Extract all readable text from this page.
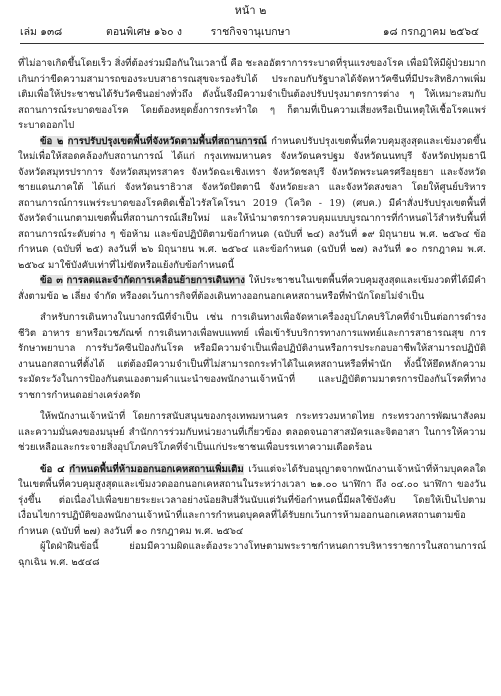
หน้า ๒
เล่ม ๑๓๘	ตอนพิเศษ ๑๖๐ ง	ราชกิจจานุเบกษา	๑๘ กรกฎาคม ๒๕๖๔

ที่ไม่อาจเกิดขึ้นโดยเร็ว สิ่งที่ต้องร่วมมือกันในเวลานี้ คือ ชะลออัตราการระบาดที่รุนแรงของโรค เพื่อมิให้มีผู้ป่วยมากเกินกว่าขีดความสามารถของระบบสาธารณสุขจะรองรับได้ ประกอบกับรัฐบาลได้จัดหาวัคซีนที่มีประสิทธิภาพเพิ่มเติมเพื่อให้ประชาชนได้รับวัคซีนอย่างทั่วถึง ดังนั้นจึงมีความจำเป็นต้องปรับปรุงมาตรการต่าง ๆ ให้เหมาะสมกับสถานการณ์ระบาดของโรค โดยต้องหยุดยั้งการกระทำใด ๆ ก็ตามที่เป็นความเสี่ยงหรือเป็นเหตุให้เชื้อโรคแพร่ระบาดออกไป

ข้อ ๒ การปรับปรุงเขตพื้นที่จังหวัดตามพื้นที่สถานการณ์ กำหนดปรับปรุงเขตพื้นที่ควบคุมสูงสุดและเข้มงวดขึ้นใหม่เพื่อให้สอดคล้องกับสถานการณ์ ได้แก่ กรุงเทพมหานคร จังหวัดนครปฐม จังหวัดนนทบุรี จังหวัดปทุมธานี จังหวัดสมุทรปราการ จังหวัดสมุทรสาคร จังหวัดฉะเชิงเทรา จังหวัดชลบุรี จังหวัดพระนครศรีอยุธยา และจังหวัดชายแดนภาคใต้ ได้แก่ จังหวัดนราธิวาส จังหวัดปัตตานี จังหวัดยะลา และจังหวัดสงขลา โดยให้ศูนย์บริหารสถานการณ์การแพร่ระบาดของโรคติดเชื้อไวรัสโคโรนา 2019 (โควิด - 19) (ศบค.) มีคำสั่งปรับปรุงเขตพื้นที่จังหวัดจำแนกตามเขตพื้นที่สถานการณ์เสียใหม่ และให้นำมาตรการควบคุมแบบบูรณาการที่กำหนดไว้สำหรับพื้นที่สถานการณ์ระดับต่าง ๆ ข้อห้าม และข้อปฏิบัติตามข้อกำหนด (ฉบับที่ ๒๔) ลงวันที่ ๑๙ มิถุนายน พ.ศ. ๒๕๖๔ ข้อกำหนด (ฉบับที่ ๒๕) ลงวันที่ ๒๖ มิถุนายน พ.ศ. ๒๕๖๔ และข้อกำหนด (ฉบับที่ ๒๗) ลงวันที่ ๑๐ กรกฎาคม พ.ศ. ๒๕๖๔ มาใช้บังคับเท่าที่ไม่ขัดหรือแย้งกับข้อกำหนดนี้

ข้อ ๓ การลดและจำกัดการเคลื่อนย้ายการเดินทาง ให้ประชาชนในเขตพื้นที่ควบคุมสูงสุดและเข้มงวดที่ได้มีคำสั่งตามข้อ ๒ เลี่ยง จำกัด หรืองดเว้นการกิจที่ต้องเดินทางออกนอกเคหสถานหรือที่พำนักโดยไม่จำเป็น

สำหรับการเดินทางในบางกรณีที่จำเป็น เช่น การเดินทางเพื่อจัดหาเครื่องอุปโภคบริโภคที่จำเป็นต่อการดำรงชีวิต อาหาร ยาหรือเวชภัณฑ์ การเดินทางเพื่อพบแพทย์ เพื่อเข้ารับบริการทางการแพทย์และการสาธารณสุข การรักษาพยาบาล การรับวัคซีนป้องกันโรค หรือมีความจำเป็นเพื่อปฏิบัติงานหรือการประกอบอาชีพให้สามารถปฏิบัติงานนอกสถานที่ตั้งได้ แต่ต้องมีความจำเป็นที่ไม่สามารถกระทำได้ในเคหสถานหรือที่พำนัก ทั้งนี้ให้ยึดหลักความระมัดระวังในการป้องกันตนเองตามคำแนะนำของพนักงานเจ้าหน้าที่ และปฏิบัติตามมาตรการป้องกันโรคที่ทางราชการกำหนดอย่างเคร่งครัด

ให้พนักงานเจ้าหน้าที่ โดยการสนับสนุนของกรุงเทพมหานคร กระทรวงมหาดไทย กระทรวงการพัฒนาสังคมและความมั่นคงของมนุษย์ สำนักการร่วมกับหน่วยงานที่เกี่ยวข้อง ตลอดจนอาสาสมัครและจิตอาสา ในการให้ความช่วยเหลือและกระจายสิ่งอุปโภคบริโภคที่จำเป็นแก่ประชาชนเพื่อบรรเทาความเดือดร้อน

ข้อ ๔ กำหนดพื้นที่ห้ามออกนอกเคหสถานเพิ่มเติม เว้นแต่จะได้รับอนุญาตจากพนักงานเจ้าหน้าที่ห้ามบุคคลใดในเขตพื้นที่ควบคุมสูงสุดและเข้มงวดออกนอกเคหสถานในระหว่างเวลา ๒๑.๐๐ นาฬิกา ถึง ๐๔.๐๐ นาฬิกา ของวันรุ่งขึ้น ต่อเนื่องไปเพื่อขยายระยะเวลาอย่างน้อยสิบสี่วันนับแต่วันที่ข้อกำหนดนี้มีผลใช้บังคับ โดยให้เป็นไปตามเงื่อนไขการปฏิบัติของพนักงานเจ้าหน้าที่และการกำหนดบุคคลที่ได้รับยกเว้นการห้ามออกนอกเคหสถานตามข้อกำหนด (ฉบับที่ ๒๗) ลงวันที่ ๑๐ กรกฎาคม พ.ศ. ๒๕๖๔

ผู้ใดฝ่าฝืนข้อนี้ ย่อมมีความผิดและต้องระวางโทษตามพระราชกำหนดการบริหารราชการในสถานการณ์ฉุกเฉิน พ.ศ. ๒๕๔๘
